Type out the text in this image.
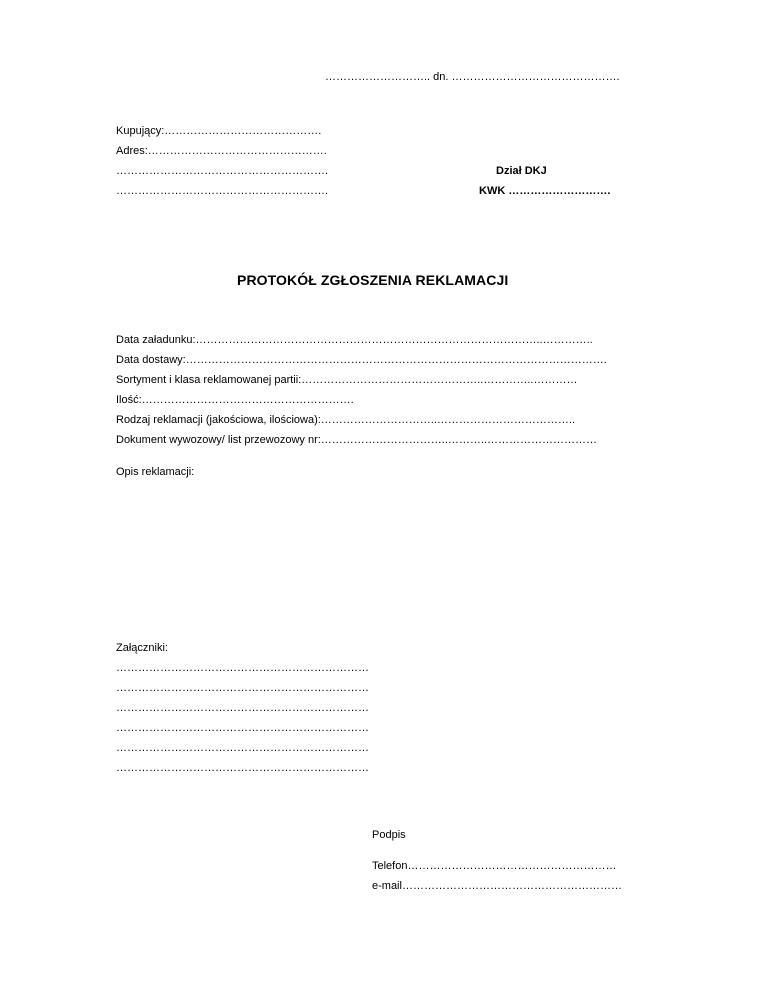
……………………….. dn. ……………………………………….
Kupujący:…………………………………….
Adres:………………………………………….
………………………………………………….
………………………………………………….
Dział DKJ
KWK ……………………….
PROTOKÓŁ ZGŁOSZENIA REKLAMACJI
Data załadunku:…………………………………………………………………………………..…………..
Data dostawy:…………………………………………………………………………………………………….
Sortyment i klasa reklamowanej partii:…………………………………………..…………..…………
Ilość:………………………………………………….
Rodzaj reklamacji (jakościowa, ilościowa):…………………………..………………………………..
Dokument wywozowy/ list przewozowy nr:……………………………..………..…………………………
Opis reklamacji:
Załączniki:
……………………………………………………………
……………………………………………………………
……………………………………………………………
……………………………………………………………
……………………………………………………………
……………………………………………………………
Podpis
Telefon…………………………………………………
e-mail……………………………………………………
